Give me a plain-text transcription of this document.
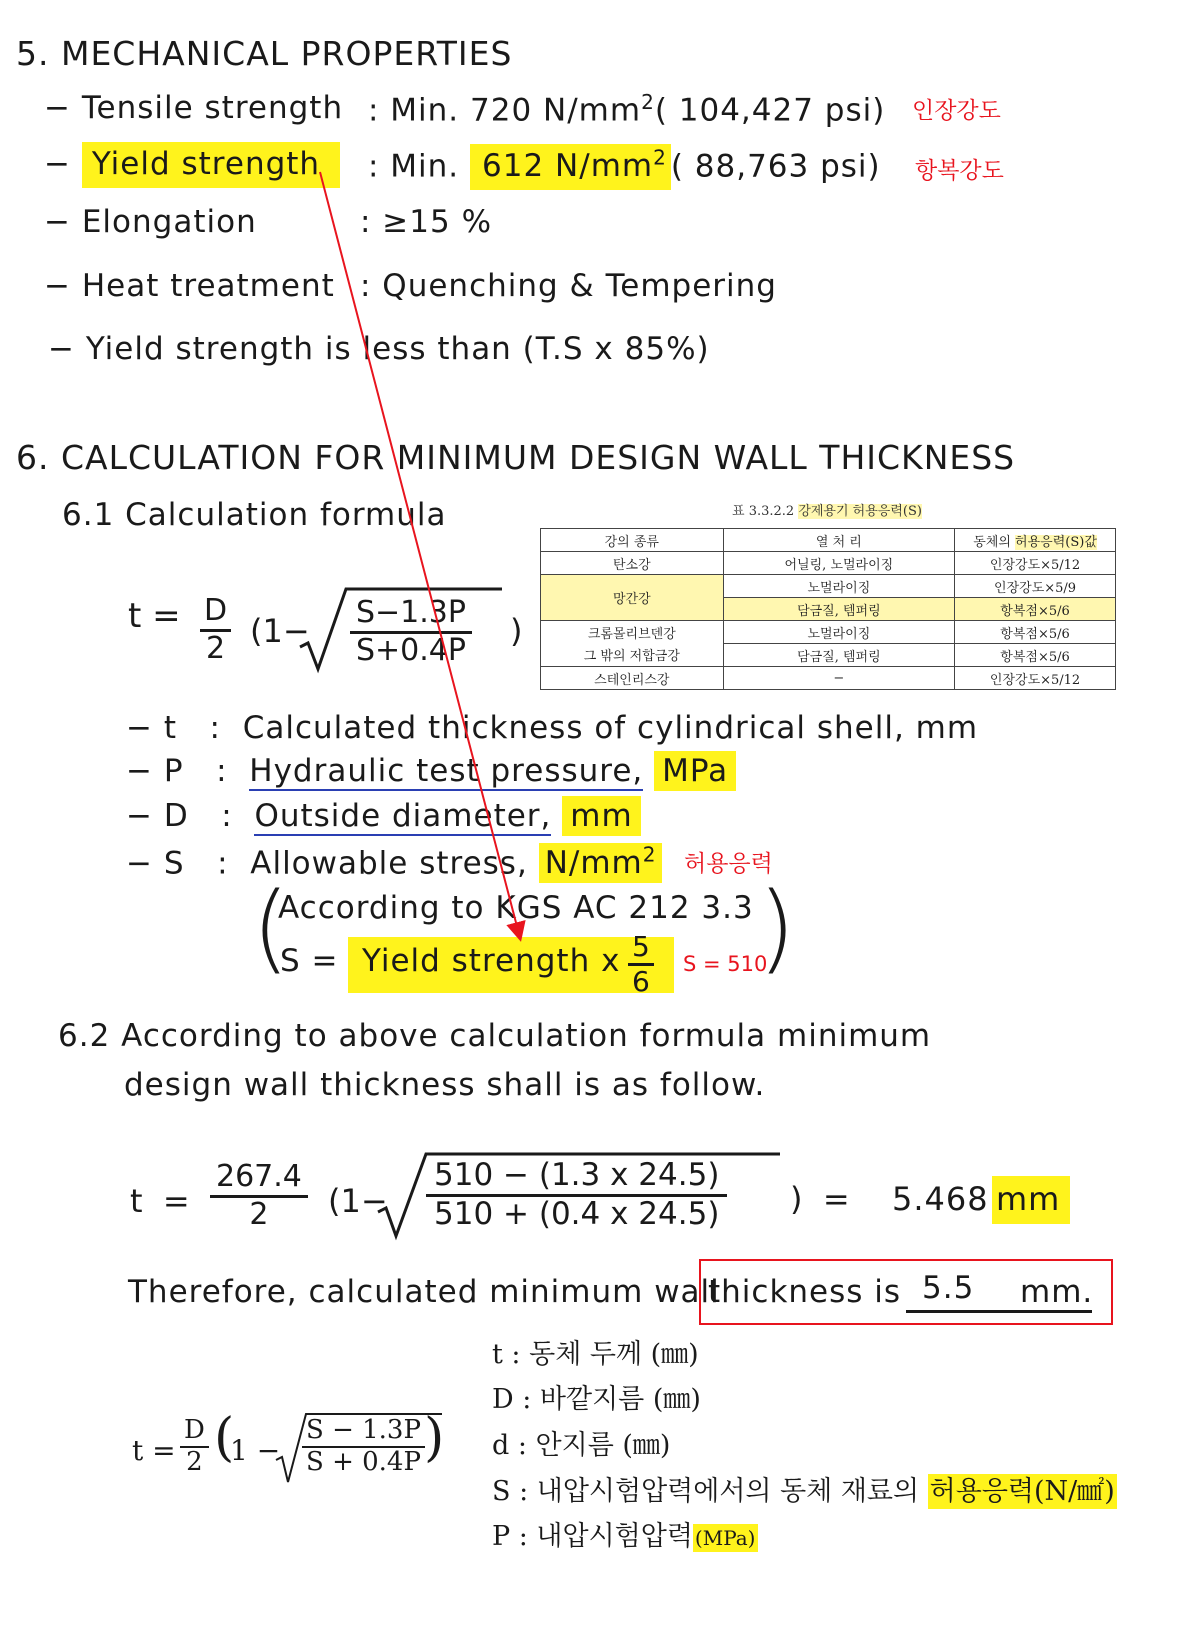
5. MECHANICAL PROPERTIES
− Tensile strength : Min. 720 $N/mm^2$( 104,427 psi) 인장강도
− Yield strength	: Min. 612 $N/mm^2$ ( 88,763 psi) 항복강도
− Elongation	: ≥15 %
− Heat treatment : Quenching & Tempering
− Yield strength is less than (T.S x 85%)
6. CALCULATION FOR MINIMUM DESIGN WALL THICKNESS
6.1 Calculation formula
$t = \frac{D}{2} (1- \frac{S-1.3P}{S+0.4P}$ )
표 3.3.2.2 강제용기 허용응력(S)
강의 종류	열 처 리	동체의 허용응력(S)값
탄소강	어닐링, 노멀라이징	인장강도×5/12
망간강	노멀라이징	인장강도×5/9
	담금질, 템퍼링	항복점×5/6
크롬몰리브덴강	노멀라이징	항복점×5/6
그 밖의 저합금강	담금질, 템퍼링	항복점×5/6
스테인리스강	−	인장강도×5/12
− t : Calculated thickness of cylindrical shell, mm
− P : Hydraulic test pressure, MPa
− D : Outside diameter, mm
− S : Allowable stress, $N/mm^2$ 허용응력
(
According to KGS AC 212 3.3
S = Yield strength x $\frac{5}{6}$ S = 510
)
6.2 According to above calculation formula minimum
design wall thickness shall is as follow.
$t = \frac{267.4}{2} (1- \frac{510 - (1.3 x 24.5)}{510 + (0.4 x 24.5)}$ ) = 5.468 mm
Therefore, calculated minimum wall
thickness is 5.5 mm.
$t = \frac{D}{2}$ (
$1 - \frac{S - 1.3P}{S + 0.4P}$ )
t : 동체 두께 (㎜)
D : 바깥지름 (㎜)
d : 안지름 (㎜)
S : 내압시험압력에서의 동체 재료의 허용응력(N/㎟)
P : 내압시험압력 (MPa)
